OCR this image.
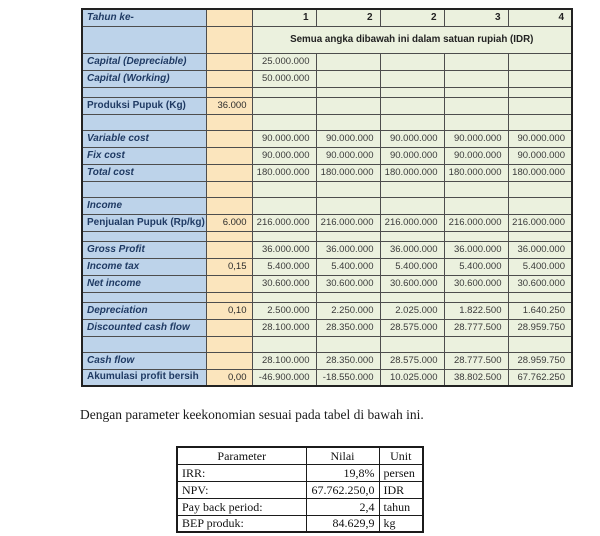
Tahun ke-		1	2	2	3	4
		Semua angka dibawah ini dalam satuan rupiah (IDR)				
Capital (Depreciable)		25.000.000				
Capital (Working)		50.000.000				

Produksi Pupuk (Kg)	36.000					

Variable cost		90.000.000	90.000.000	90.000.000	90.000.000	90.000.000
Fix cost		90.000.000	90.000.000	90.000.000	90.000.000	90.000.000
Total cost		180.000.000	180.000.000	180.000.000	180.000.000	180.000.000

Income						
Penjualan Pupuk (Rp/kg)	6.000	216.000.000	216.000.000	216.000.000	216.000.000	216.000.000

Gross Profit		36.000.000	36.000.000	36.000.000	36.000.000	36.000.000
Income tax	0,15	5.400.000	5.400.000	5.400.000	5.400.000	5.400.000
Net income		30.600.000	30.600.000	30.600.000	30.600.000	30.600.000

Depreciation	0,10	2.500.000	2.250.000	2.025.000	1.822.500	1.640.250
Discounted cash flow		28.100.000	28.350.000	28.575.000	28.777.500	28.959.750

Cash flow		28.100.000	28.350.000	28.575.000	28.777.500	28.959.750
Akumulasi profit bersih	0,00	-46.900.000	-18.550.000	10.025.000	38.802.500	67.762.250

Dengan parameter keekonomian sesuai pada tabel di bawah ini.

Parameter	Nilai	Unit
IRR:	19,8%	persen
NPV:	67.762.250,0	IDR
Pay back period:	2,4	tahun
BEP produk:	84.629,9	kg
